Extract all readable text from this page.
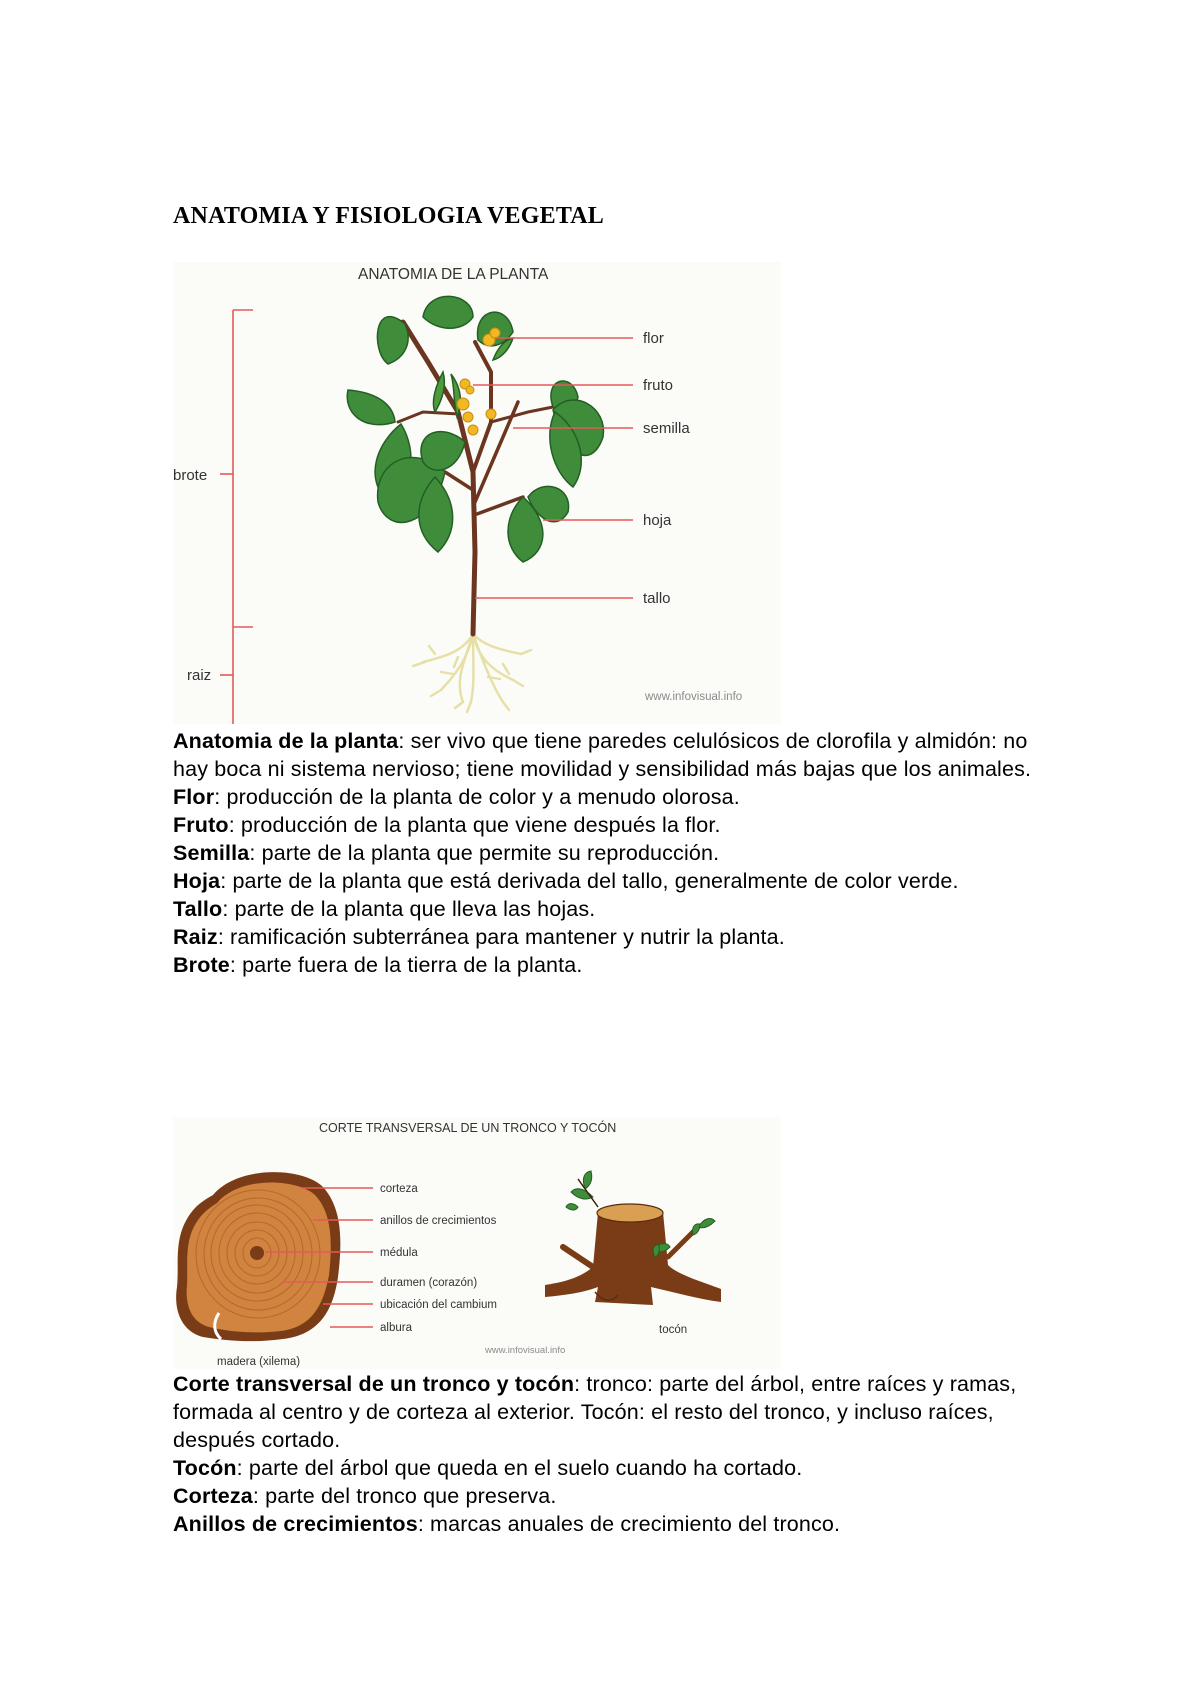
ANATOMIA Y FISIOLOGIA VEGETAL
ANATOMIA DE LA PLANTA
brote
raiz
flor
fruto
semilla
hoja
tallo
www.infovisual.info

Anatomia de la planta: ser vivo que tiene paredes celulósicos de clorofila y almidón: no hay boca ni sistema nervioso; tiene movilidad y sensibilidad más bajas que los animales.

Flor: producción de la planta de color y a menudo olorosa.

Fruto: producción de la planta que viene después la flor.

Semilla: parte de la planta que permite su reproducción.

Hoja: parte de la planta que está derivada del tallo, generalmente de color verde.

Tallo: parte de la planta que lleva las hojas.

Raiz: ramificación subterránea para mantener y nutrir la planta.

Brote: parte fuera de la tierra de la planta.

CORTE TRANSVERSAL DE UN TRONCO Y TOCÓN
corteza
anillos de crecimientos
médula
duramen (corazón)
ubicación del cambium
albura
madera (xilema)
www.infovisual.info
tocón

Corte transversal de un tronco y tocón: tronco: parte del árbol, entre raíces y ramas, formada al centro y de corteza al exterior. Tocón: el resto del tronco, y incluso raíces, después cortado.

Tocón: parte del árbol que queda en el suelo cuando ha cortado.

Corteza: parte del tronco que preserva.

Anillos de crecimientos: marcas anuales de crecimiento del tronco.
